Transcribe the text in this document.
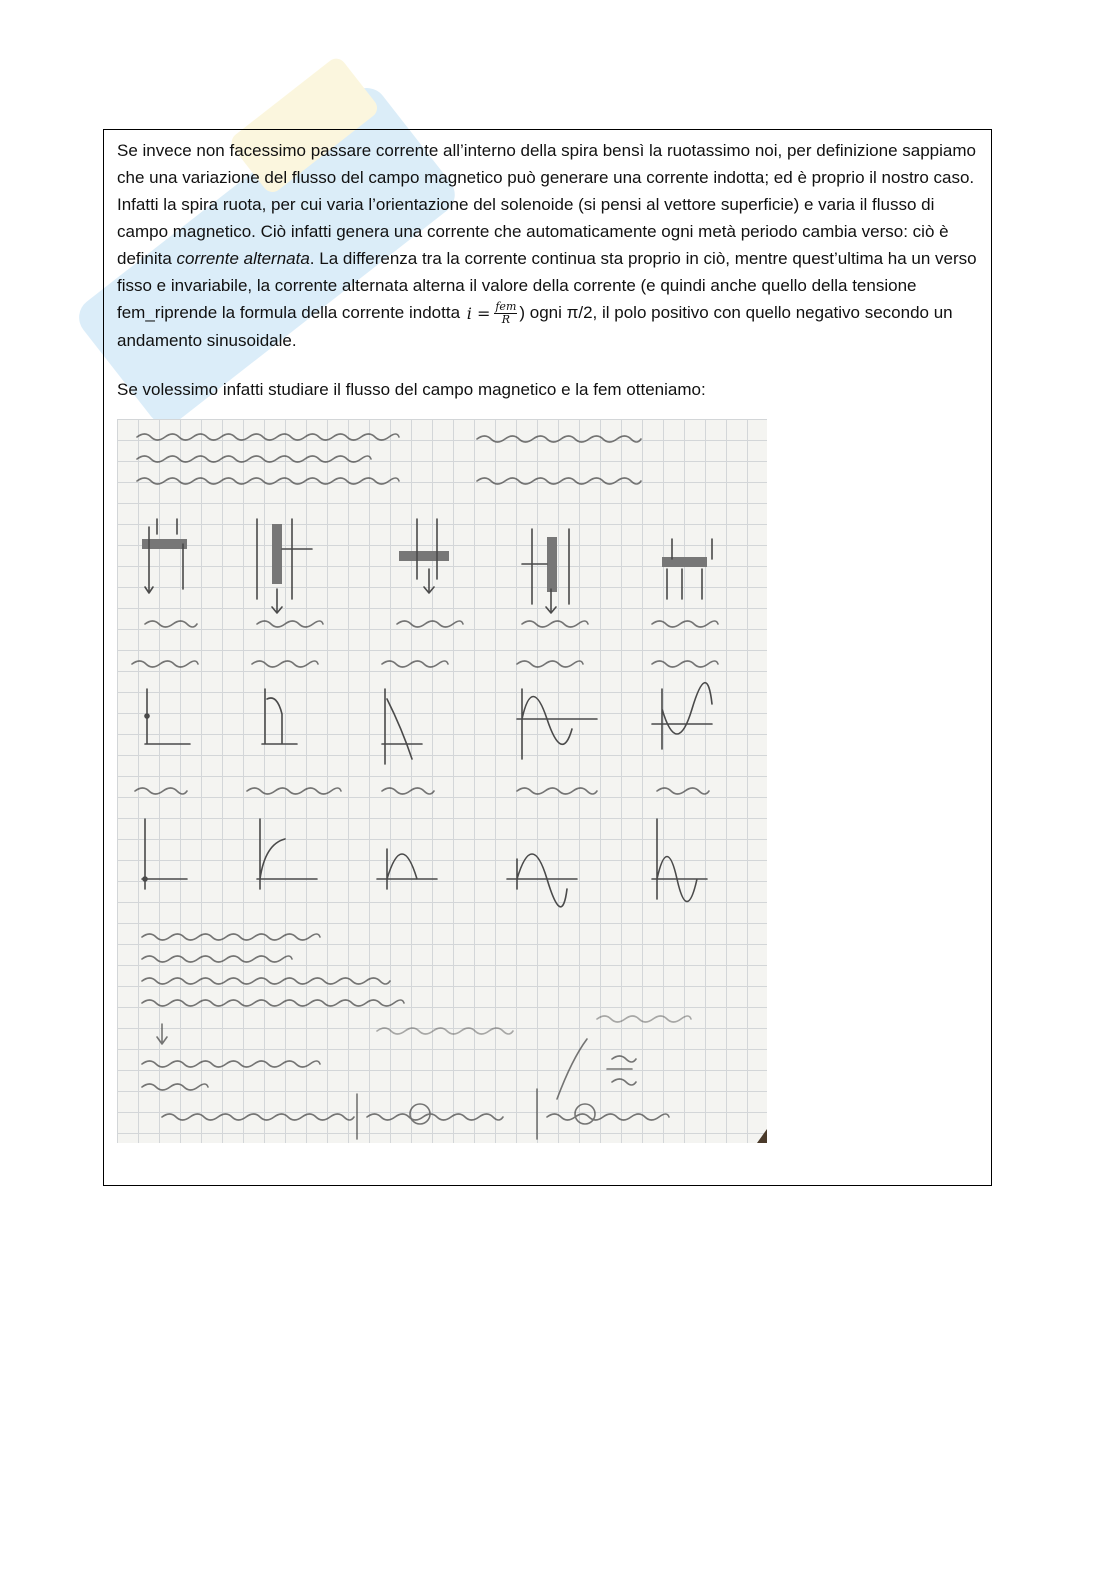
Se invece non facessimo passare corrente all’interno della spira bensì la ruotassimo noi, per definizione sappiamo che una variazione del flusso del campo magnetico può generare una corrente indotta; ed è proprio il nostro caso. Infatti la spira ruota, per cui varia l’orientazione del solenoide (si pensi al vettore superficie) e varia il flusso di campo magnetico. Ciò infatti genera una corrente che automaticamente ogni metà periodo cambia verso: ciò è definita corrente alternata. La differenza tra la corrente continua sta proprio in ciò, mentre quest’ultima ha un verso fisso e invariabile, la corrente alternata alterna il valore della corrente (e quindi anche quello della tensione fem_riprende la formula della corrente indotta $i = \frac{\text{fem}}{R}$ ) ogni π/2, il polo positivo con quello negativo secondo un andamento sinusoidale.

Se volessimo infatti studiare il flusso del campo magnetico e la fem otteniamo:
